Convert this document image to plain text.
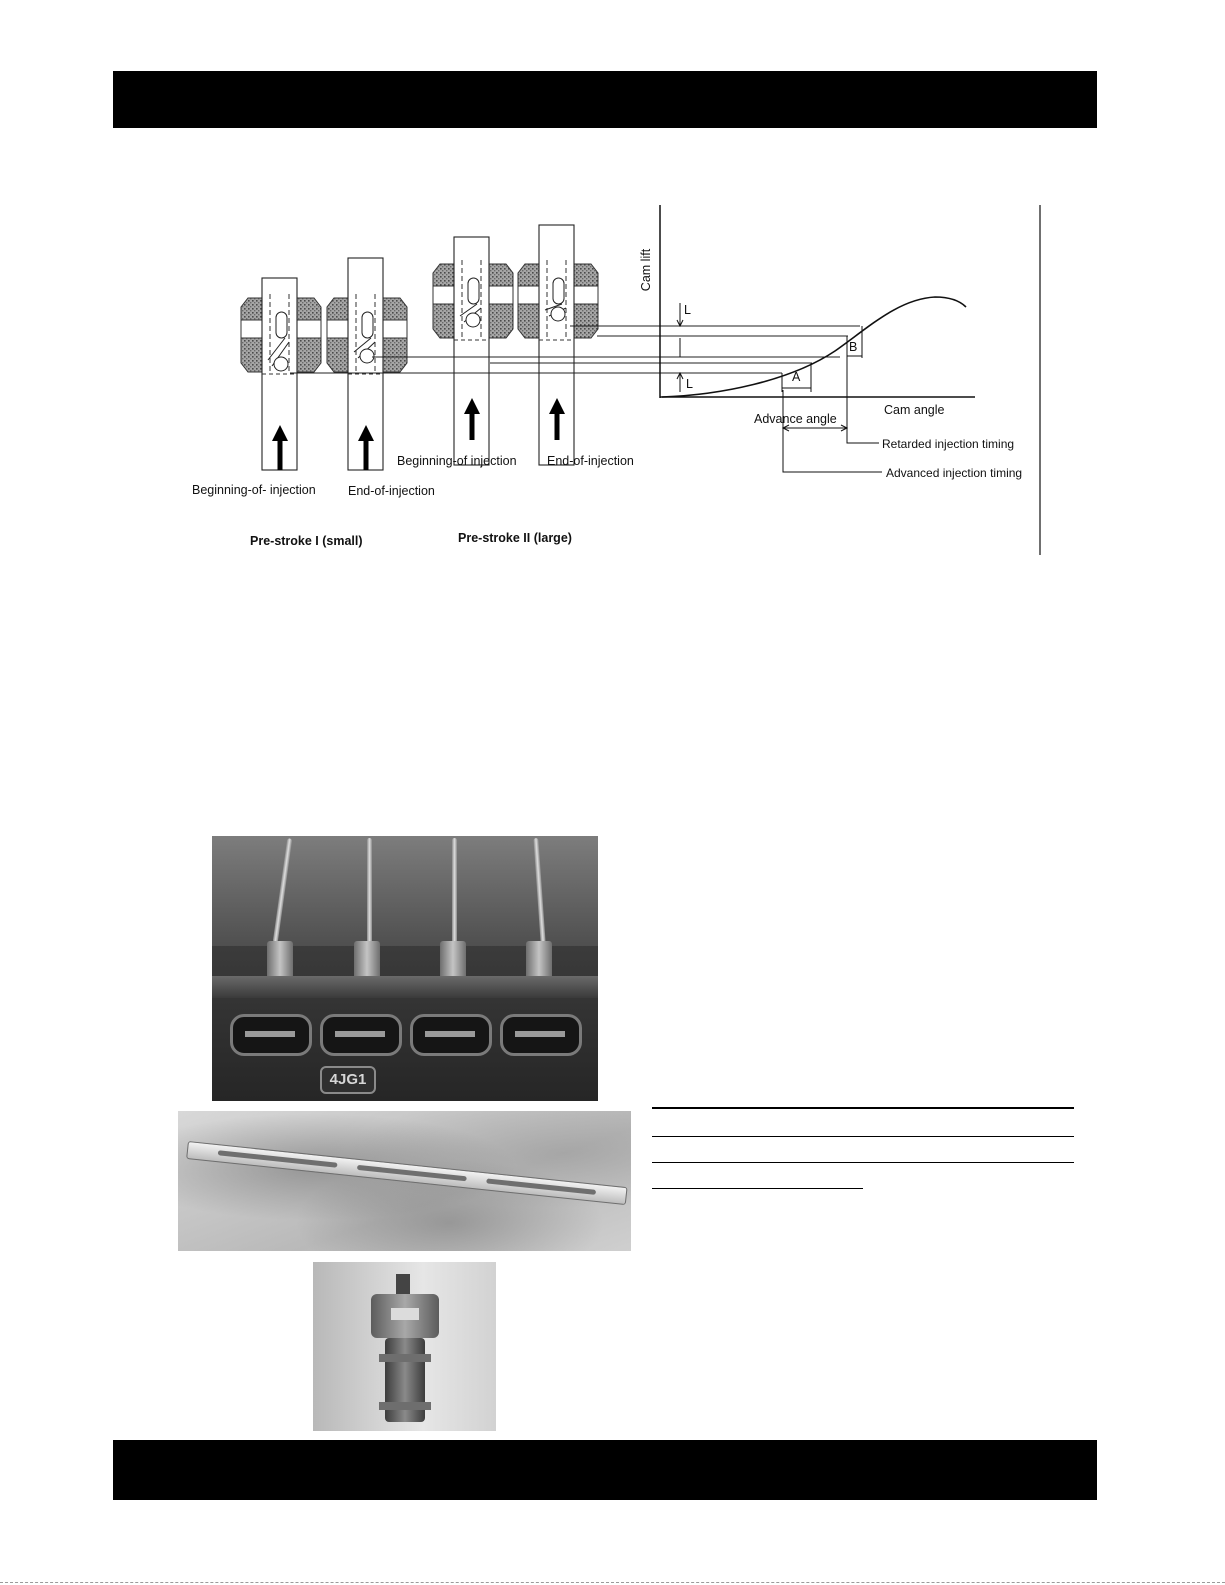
Beginning-of- injection	End-of-injection
Beginning-of injection End-of-injection
Pre-stroke I (small)	Pre-stroke II (large)
Cam lift
L
L	A
B
Cam angle
Advance angle
Retarded injection timing
Advanced injection timing
4JG1
